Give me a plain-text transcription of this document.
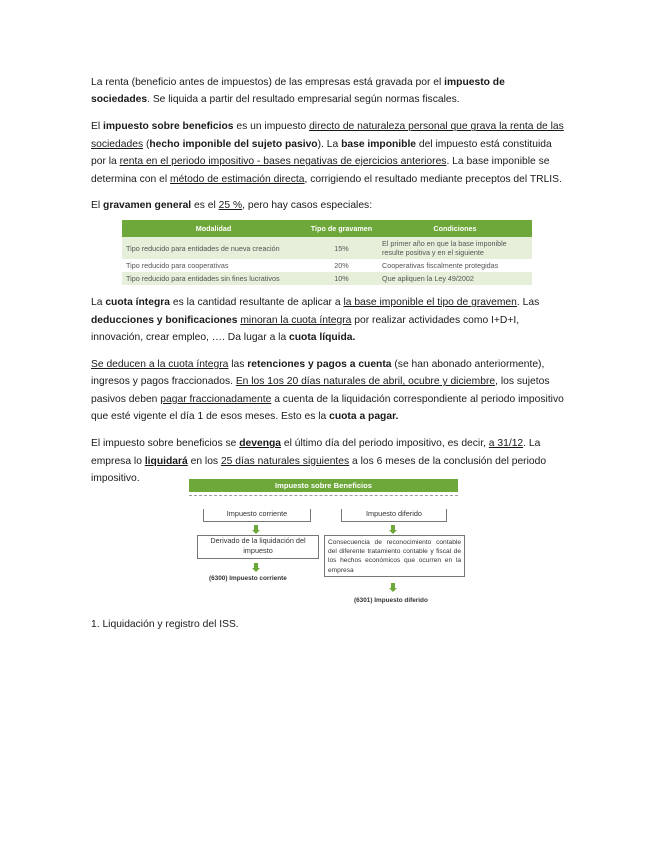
La renta (beneficio antes de impuestos) de las empresas está gravada por el impuesto de sociedades. Se liquida a partir del resultado empresarial según normas fiscales.

El impuesto sobre beneficios es un impuesto directo de naturaleza personal que grava la renta de las sociedades (hecho imponible del sujeto pasivo). La base imponible del impuesto está constituida por la renta en el periodo impositivo - bases negativas de ejercicios anteriores. La base imponible se determina con el método de estimación directa, corrigiendo el resultado mediante preceptos del TRLIS.

El gravamen general es el 25 %, pero hay casos especiales:

Modalidad	Tipo de gravamen	Condiciones
Tipo reducido para entidades de nueva creación	15%	El primer año en que la base imponible resulte positiva y en el siguiente
Tipo reducido para cooperativas	20%	Cooperativas fiscalmente protegidas
Tipo reducido para entidades sin fines lucrativos	10%	Que apliquen la Ley 49/2002

La cuota íntegra es la cantidad resultante de aplicar a la base imponible el tipo de gravemen. Las deducciones y bonificaciones minoran la cuota íntegra por realizar actividades como I+D+I, innovación, crear empleo, …. Da lugar a la cuota líquida.

Se deducen a la cuota íntegra las retenciones y pagos a cuenta (se han abonado anteriormente), ingresos y pagos fraccionados. En los 1os 20 días naturales de abril, ocubre y diciembre, los sujetos pasivos deben pagar fraccionadamente a cuenta de la liquidación correspondiente al periodo impositivo que esté vigente el día 1 de esos meses. Esto es la cuota a pagar.

El impuesto sobre beneficios se devenga el último día del periodo impositivo, es decir, a 31/12. La empresa lo liquidará en los 25 días naturales siguientes a los 6 meses de la conclusión del periodo impositivo.

Impuesto sobre Beneficios
Impuesto corriente	Impuesto diferido
Derivado de la liquidación del impuesto
Consecuencia de reconocimiento contable del diferente tratamiento contable y fiscal de los hechos económicos que ocurren en la empresa
(6300) Impuesto corriente
(6301) Impuesto diferido
1. Liquidación y registro del ISS.
